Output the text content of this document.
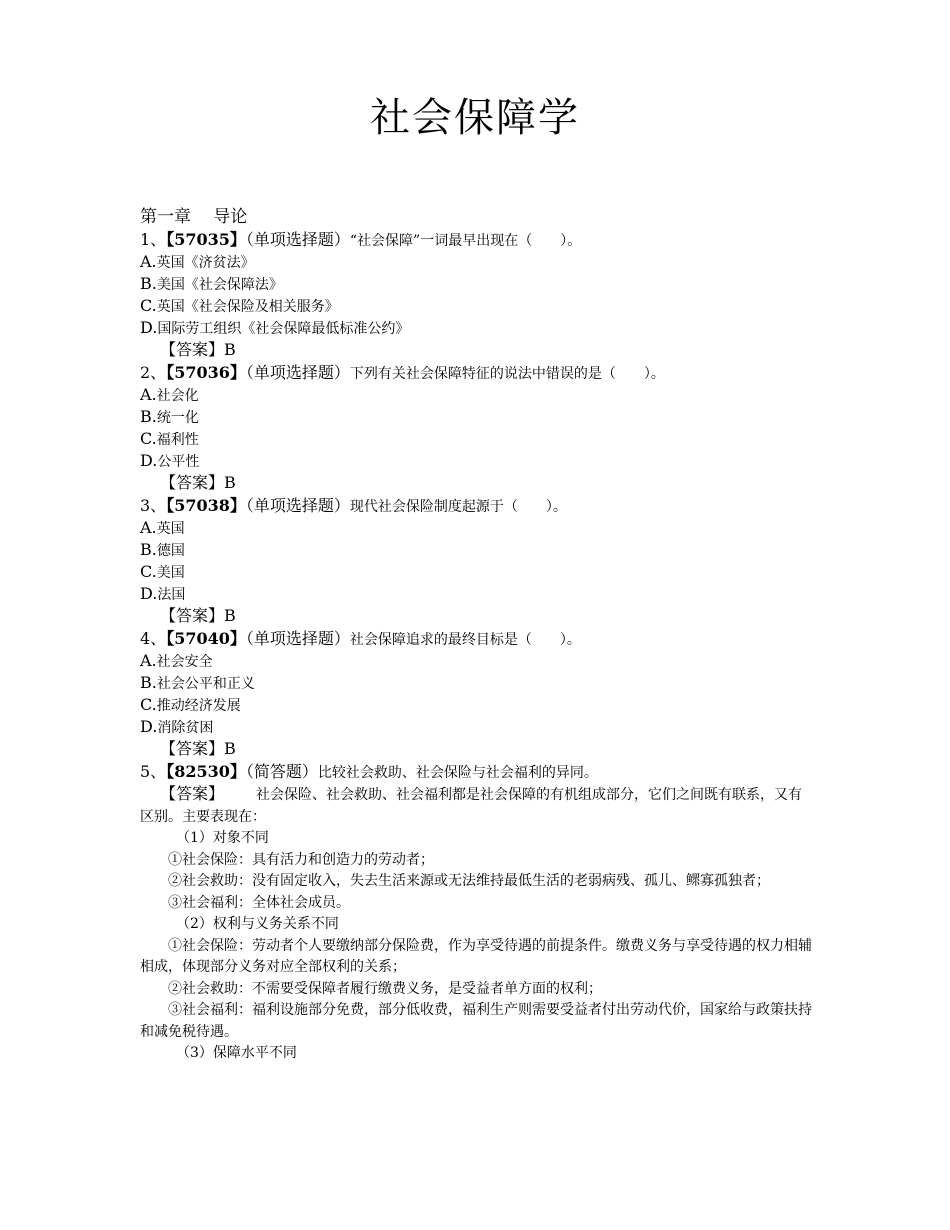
社会保障学
第一章　 导论
1、【57035】（单项选择题）“社会保障”一词最早出现在（　　）。
A.英国《济贫法》
B.美国《社会保障法》
C.英国《社会保险及相关服务》
D.国际劳工组织《社会保障最低标准公约》
【答案】B
2、【57036】（单项选择题）下列有关社会保障特征的说法中错误的是（　　）。
A.社会化
B.统一化
C.福利性
D.公平性
【答案】B
3、【57038】（单项选择题）现代社会保险制度起源于（　　）。
A.英国
B.德国
C.美国
D.法国
【答案】B
4、【57040】（单项选择题）社会保障追求的最终目标是（　　）。
A.社会安全
B.社会公平和正义
C.推动经济发展
D.消除贫困
【答案】B
5、【82530】（简答题）比较社会救助、社会保险与社会福利的异同。
【答案】 社会保险、社会救助、社会福利都是社会保障的有机组成部分，它们之间既有联系，又有区别。主要表现在：
（1）对象不同
①社会保险：具有活力和创造力的劳动者；
②社会救助：没有固定收入，失去生活来源或无法维持最低生活的老弱病残、孤儿、鳏寡孤独者；
③社会福利：全体社会成员。
（2）权利与义务关系不同
①社会保险：劳动者个人要缴纳部分保险费，作为享受待遇的前提条件。缴费义务与享受待遇的权力相辅相成，体现部分义务对应全部权利的关系；
②社会救助：不需要受保障者履行缴费义务，是受益者单方面的权利；
③社会福利：福利设施部分免费，部分低收费，福利生产则需要受益者付出劳动代价，国家给与政策扶持和减免税待遇。
（3）保障水平不同
